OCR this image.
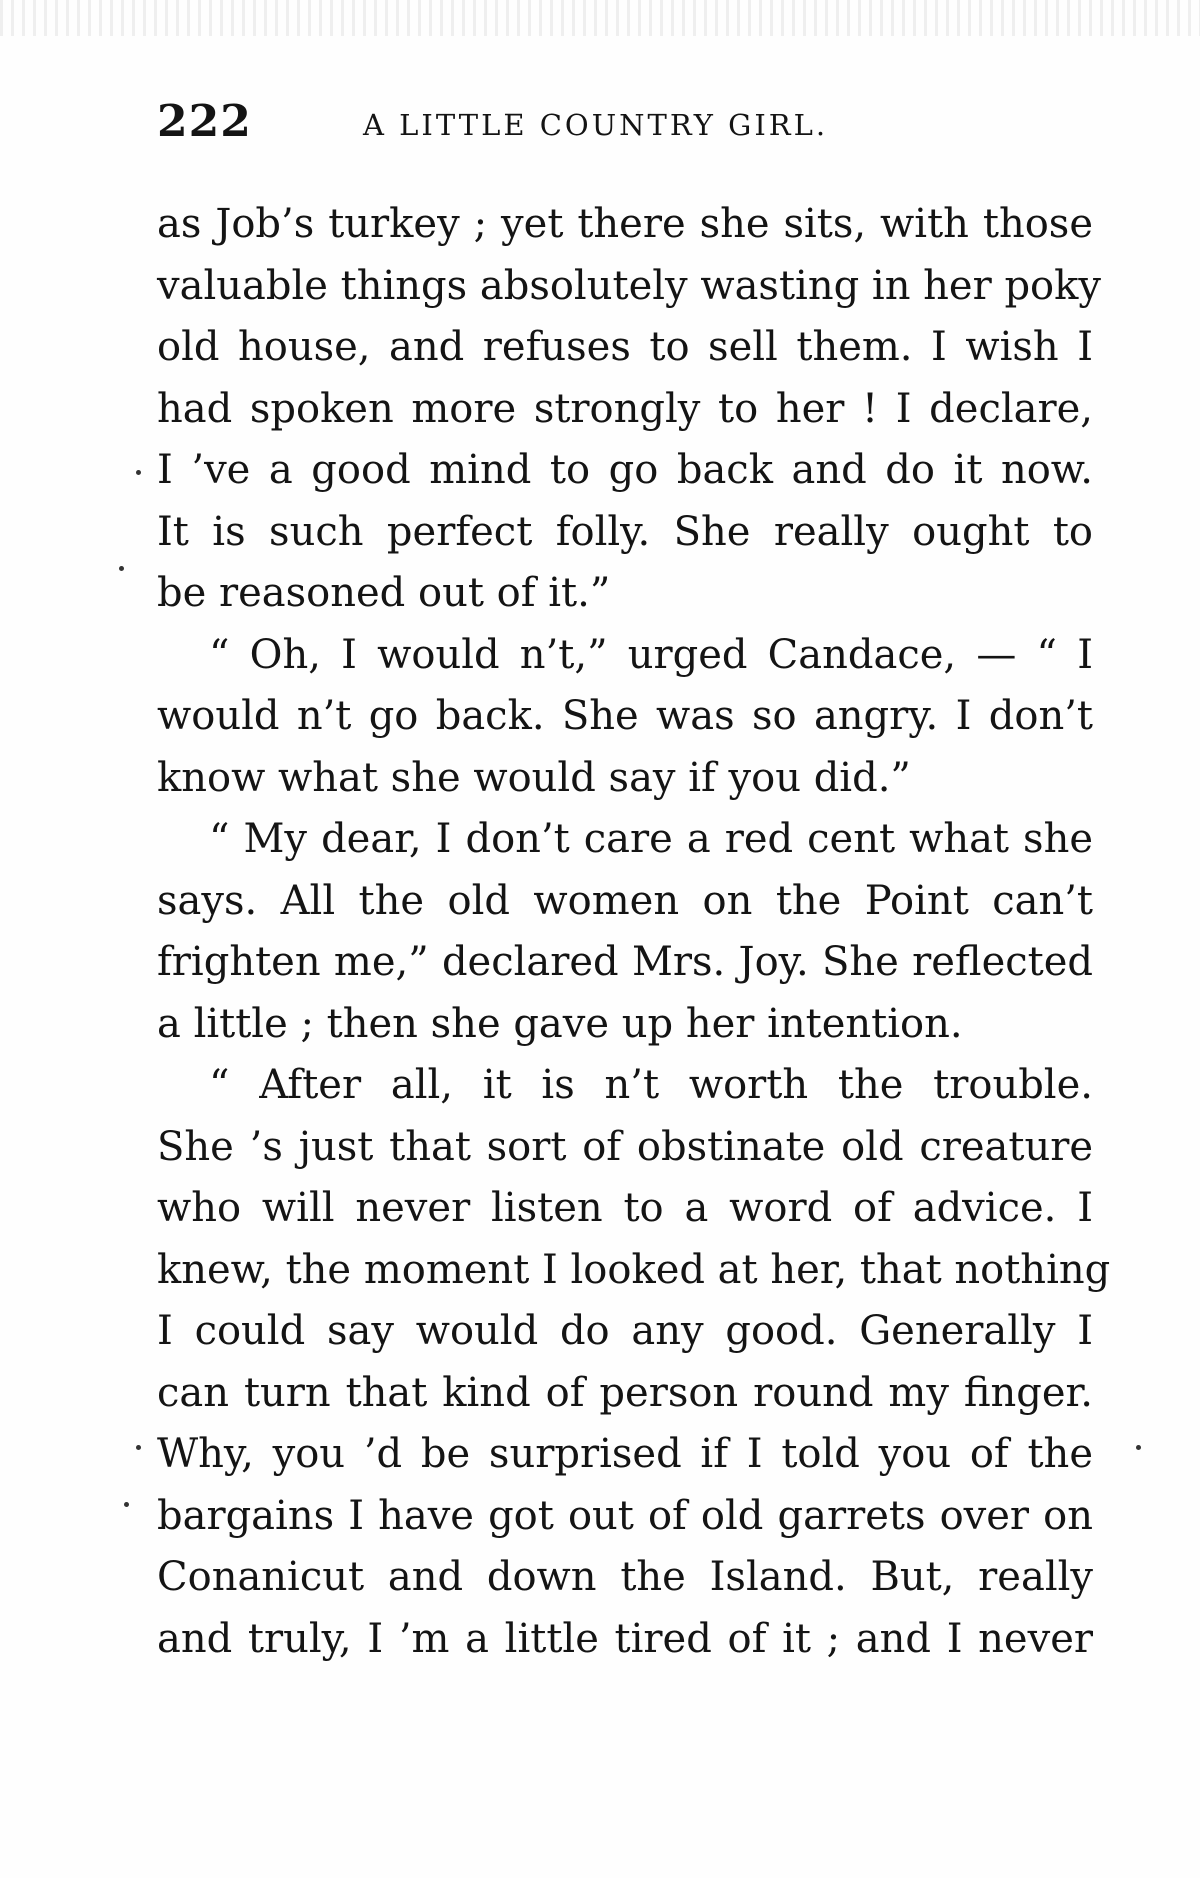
222	A LITTLE COUNTRY GIRL.
as Job’s turkey ; yet there she sits, with those
valuable things absolutely wasting in her poky
old house, and refuses to sell them. I wish I
had spoken more strongly to her ! I declare,
I ’ve a good mind to go back and do it now.
It is such perfect folly. She really ought to
be reasoned out of it.”
“ Oh, I would n’t,” urged Candace, — “ I
would n’t go back. She was so angry. I don’t
know what she would say if you did.”
“ My dear, I don’t care a red cent what she
says. All the old women on the Point can’t
frighten me,” declared Mrs. Joy. She reflected
a little ; then she gave up her intention.
“ After all, it is n’t worth the trouble.
She ’s just that sort of obstinate old creature
who will never listen to a word of advice. I
knew, the moment I looked at her, that nothing
I could say would do any good. Generally I
can turn that kind of person round my finger.
Why, you ’d be surprised if I told you of the
bargains I have got out of old garrets over on
Conanicut and down the Island. But, really
and truly, I ’m a little tired of it ; and I never
